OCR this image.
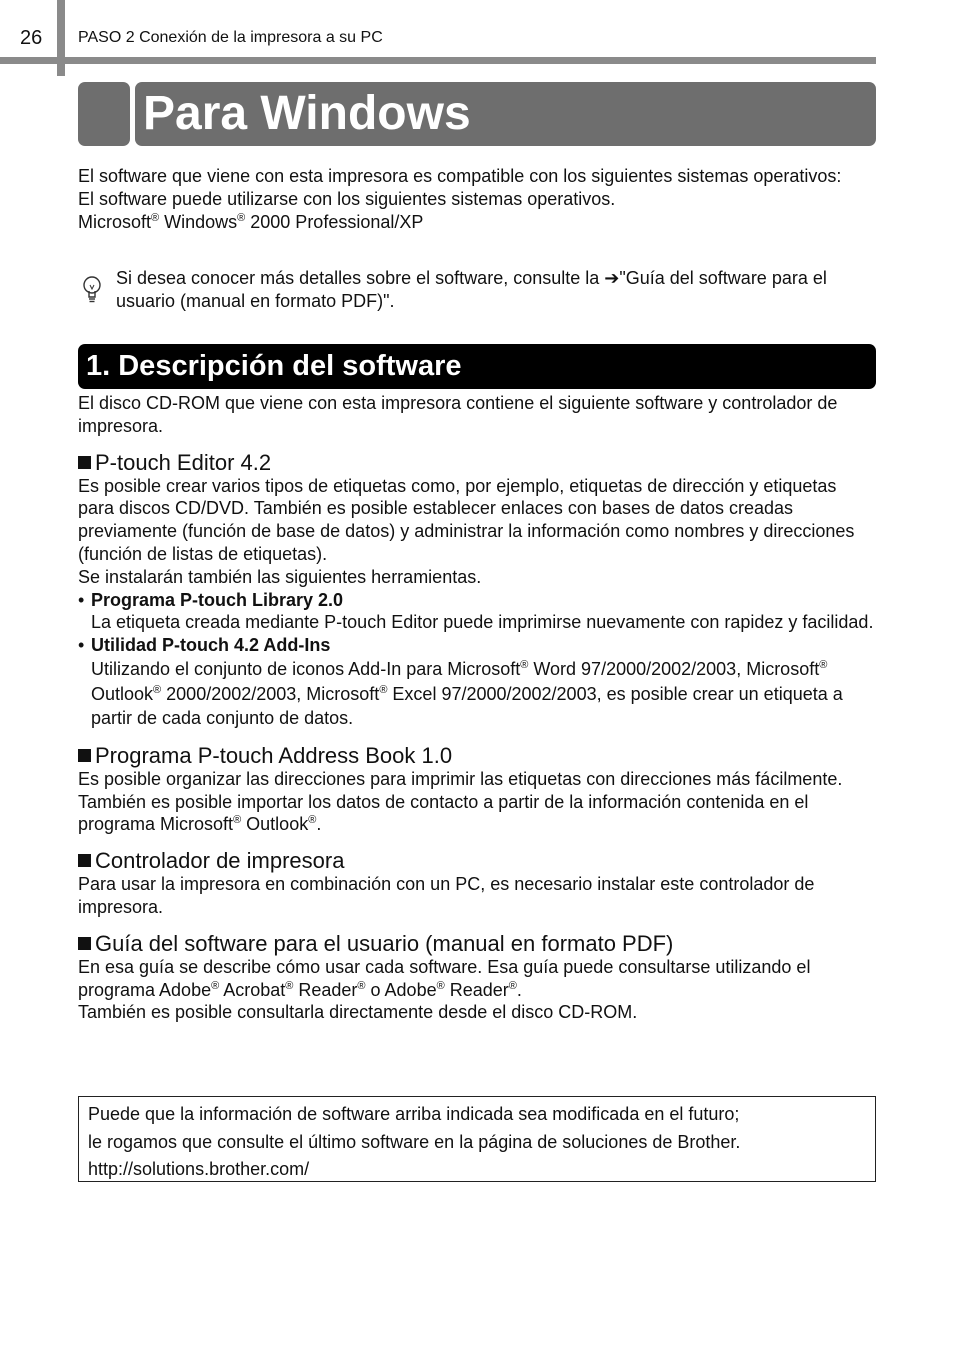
26 PASO 2 Conexión de la impresora a su PC
Para Windows

El software que viene con esta impresora es compatible con los siguientes sistemas operativos:

El software puede utilizarse con los siguientes sistemas operativos.

Microsoft® Windows® 2000 Professional/XP

Si desea conocer más detalles sobre el software, consulte la ➔"Guía del software para el usuario (manual en formato PDF)".
1. Descripción del software

El disco CD-ROM que viene con esta impresora contiene el siguiente software y controlador de impresora.

P-touch Editor 4.2

Es posible crear varios tipos de etiquetas como, por ejemplo, etiquetas de dirección y etiquetas para discos CD/DVD. También es posible establecer enlaces con bases de datos creadas previamente (función de base de datos) y administrar la información como nombres y direcciones (función de listas de etiquetas).

Se instalarán también las siguientes herramientas.

• Programa P-touch Library 2.0

La etiqueta creada mediante P-touch Editor puede imprimirse nuevamente con rapidez y facilidad.

• Utilidad P-touch 4.2 Add-Ins

Utilizando el conjunto de iconos Add-In para Microsoft® Word 97/2000/2002/2003, Microsoft® Outlook® 2000/2002/2003, Microsoft® Excel 97/2000/2002/2003, es posible crear un etiqueta a partir de cada conjunto de datos.

Programa P-touch Address Book 1.0

Es posible organizar las direcciones para imprimir las etiquetas con direcciones más fácilmente.

También es posible importar los datos de contacto a partir de la información contenida en el programa Microsoft® Outlook®.

Controlador de impresora

Para usar la impresora en combinación con un PC, es necesario instalar este controlador de impresora.

Guía del software para el usuario (manual en formato PDF)

En esa guía se describe cómo usar cada software. Esa guía puede consultarse utilizando el programa Adobe® Acrobat® Reader® o Adobe® Reader®.

También es posible consultarla directamente desde el disco CD-ROM.

Puede que la información de software arriba indicada sea modificada en el futuro;

le rogamos que consulte el último software en la página de soluciones de Brother.

http://solutions.brother.com/
